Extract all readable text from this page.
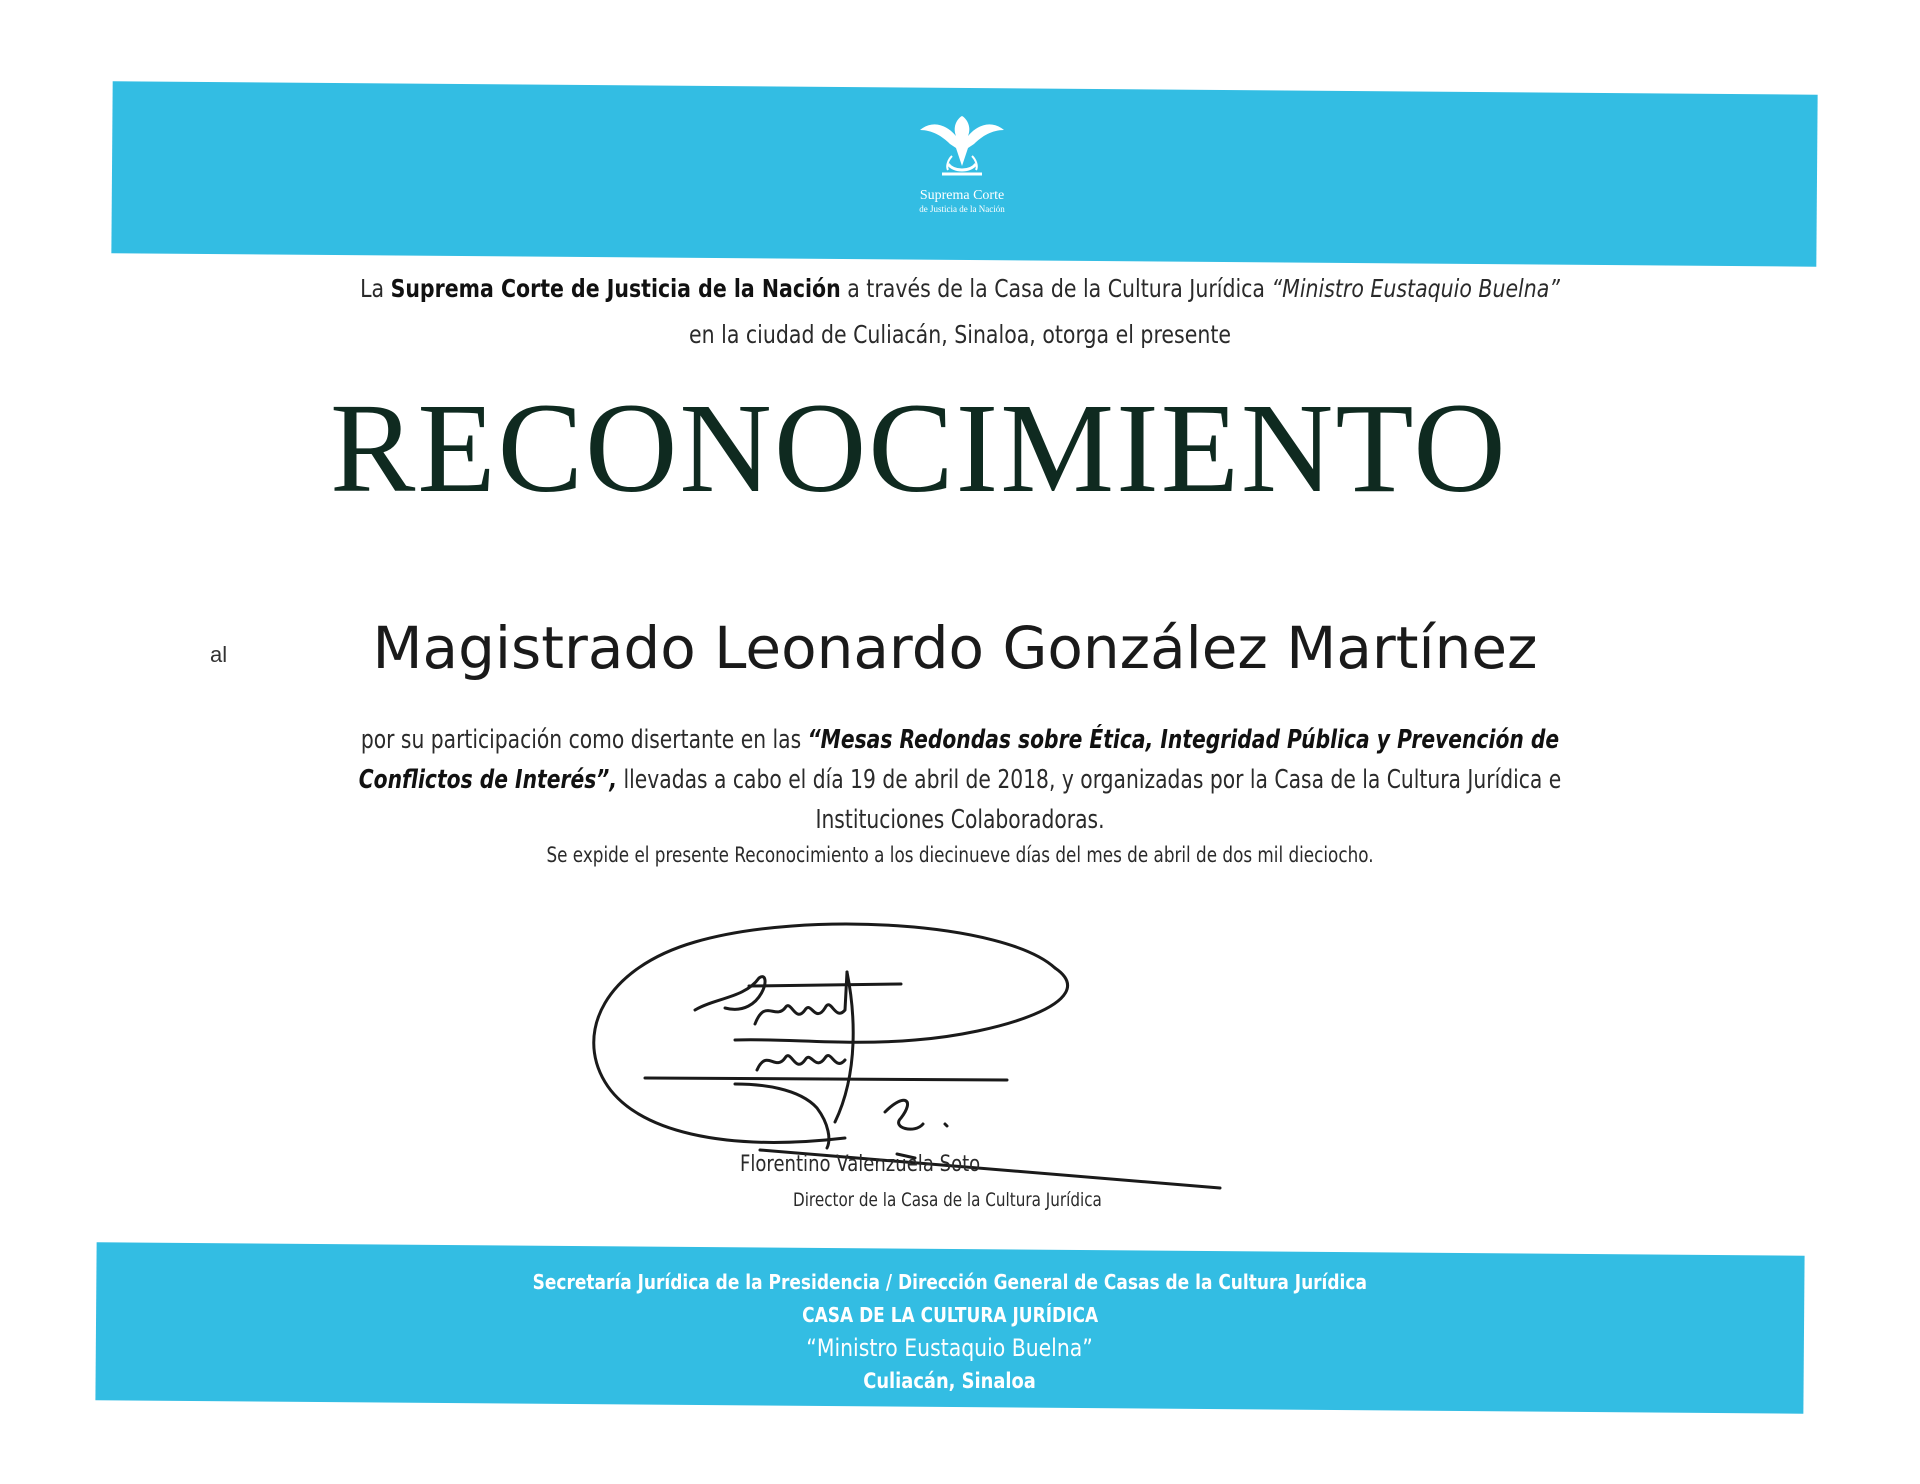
Suprema Corte
de Justicia de la Nación
La Suprema Corte de Justicia de la Nación a través de la Casa de la Cultura Jurídica “Ministro Eustaquio Buelna”
en la ciudad de Culiacán, Sinaloa, otorga el presente
RECONOCIMIENTO
al	Magistrado Leonardo González Martínez
por su participación como disertante en las “Mesas Redondas sobre Ética, Integridad Pública y Prevención de Conflictos de Interés”, llevadas a cabo el día 19 de abril de 2018, y organizadas por la Casa de la Cultura Jurídica e Instituciones Colaboradoras.
Se expide el presente Reconocimiento a los diecinueve días del mes de abril de dos mil dieciocho.
Florentino Valenzuela Soto
Director de la Casa de la Cultura Jurídica
Secretaría Jurídica de la Presidencia / Dirección General de Casas de la Cultura Jurídica
CASA DE LA CULTURA JURÍDICA
“Ministro Eustaquio Buelna”
Culiacán, Sinaloa
